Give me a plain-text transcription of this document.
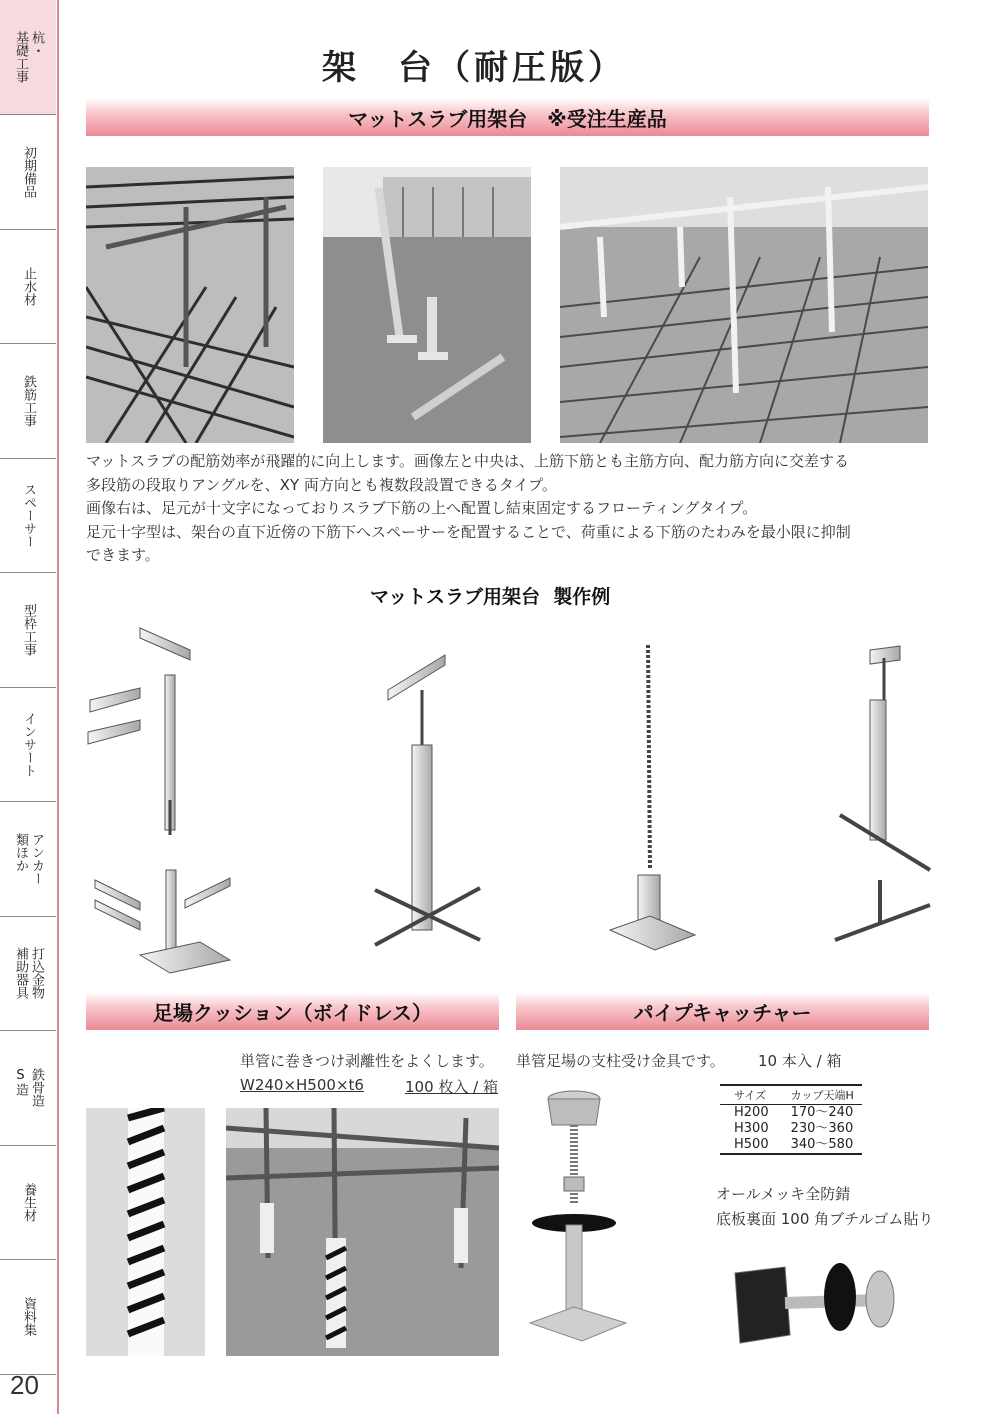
杭・
基礎工事
初期備品
止水材
鉄筋工事
スペーサー
型枠工事
インサート
アンカー
類ほか
打込金物
補助器具
鉄骨造
S造
養生材
資料集
20
架　台（耐圧版）
マットスラブ用架台　※受注生産品

マットスラブの配筋効率が飛躍的に向上します。画像左と中央は、上筋下筋とも主筋方向、配力筋方向に交差する

多段筋の段取りアングルを、XY 両方向とも複数段設置できるタイプ。

画像右は、足元が十文字になっておりスラブ下筋の上へ配置し結束固定するフローティングタイプ。

足元十字型は、架台の直下近傍の下筋下へスペーサーを配置することで、荷重による下筋のたわみを最小限に抑制

できます。

マットスラブ用架台  製作例
足場クッション（ボイドレス）	パイプキャッチャー
単管に巻きつけ剥離性をよくします。
W240×H500×t6	100 枚入 / 箱
単管足場の支柱受け金具です。 10 本入 / 箱
サイズ	カップ天端H
H200	170～240
H300	230～360
H500	340～580
オールメッキ全防錆
底板裏面 100 角ブチルゴム貼り
